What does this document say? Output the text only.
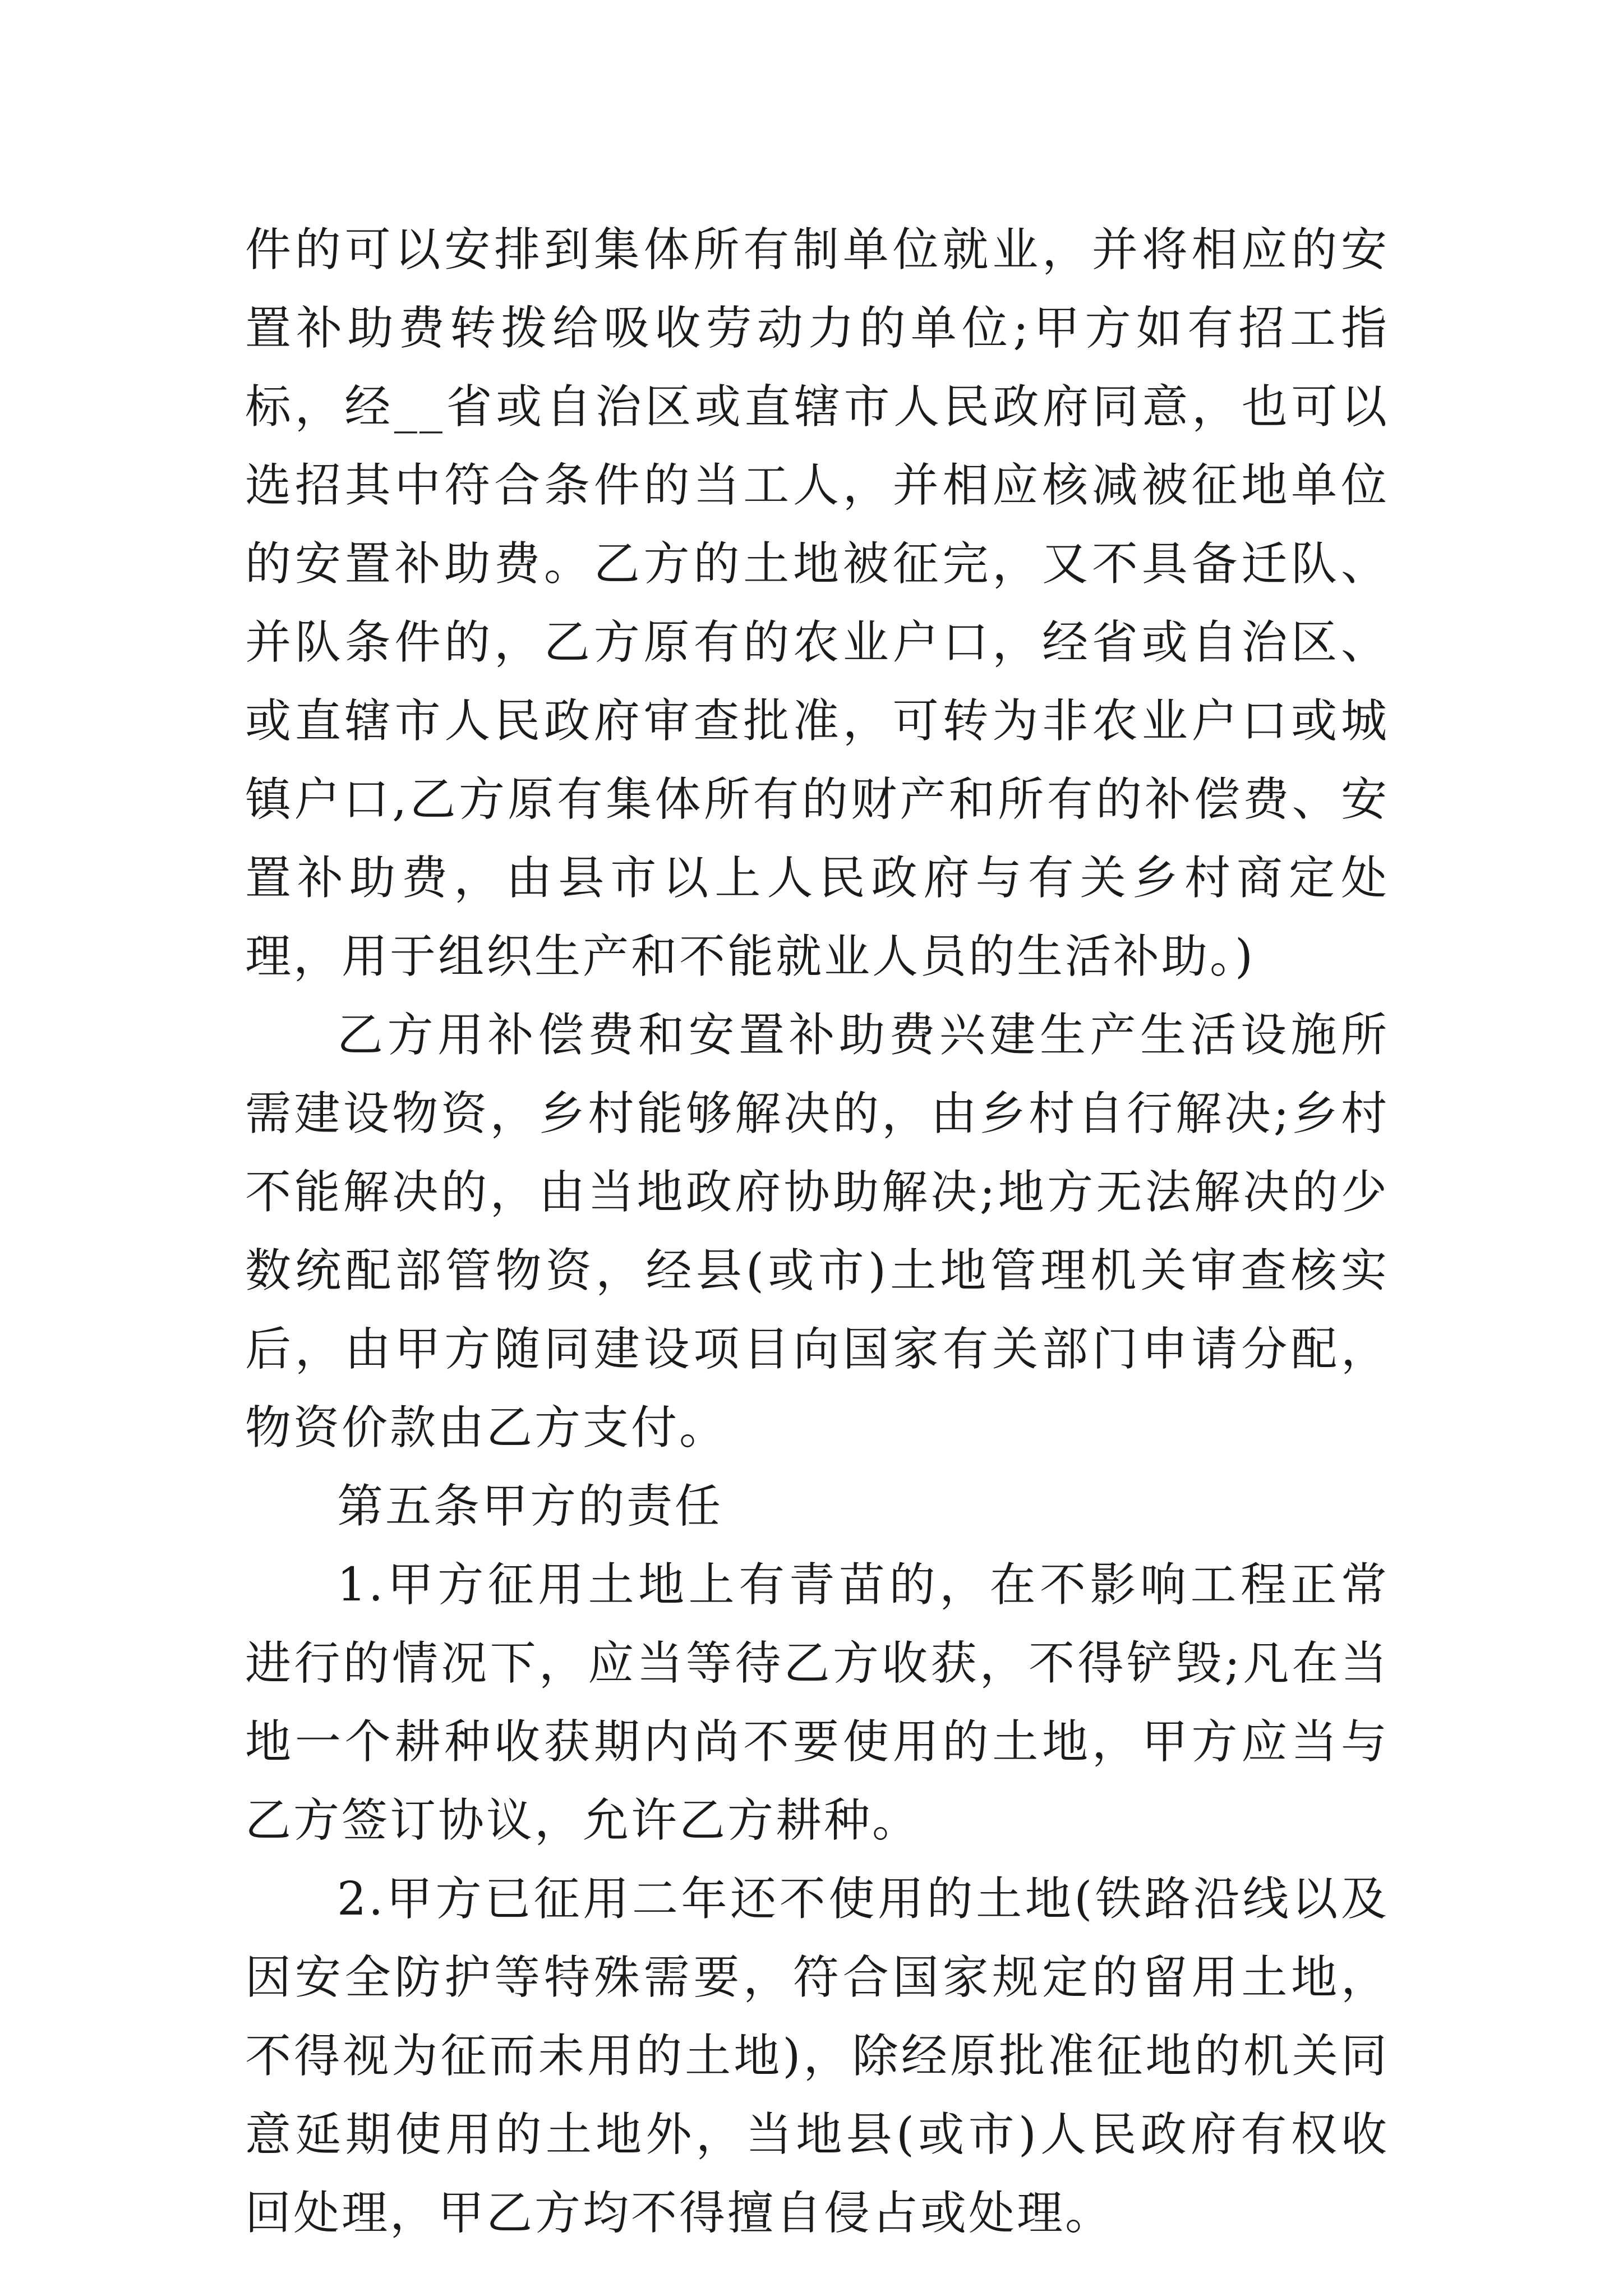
件的可以安排到集体所有制单位就业，并将相应的安置补助费转拨给吸收劳动力的单位;甲方如有招工指标，经__省或自治区或直辖市人民政府同意，也可以选招其中符合条件的当工人，并相应核减被征地单位的安置补助费。乙方的土地被征完，又不具备迁队、并队条件的，乙方原有的农业户口，经省或自治区、或直辖市人民政府审查批准，可转为非农业户口或城镇户口,乙方原有集体所有的财产和所有的补偿费、安置补助费，由县市以上人民政府与有关乡村商定处理，用于组织生产和不能就业人员的生活补助。)

乙方用补偿费和安置补助费兴建生产生活设施所需建设物资，乡村能够解决的，由乡村自行解决;乡村不能解决的，由当地政府协助解决;地方无法解决的少数统配部管物资，经县(或市)土地管理机关审查核实后，由甲方随同建设项目向国家有关部门申请分配，物资价款由乙方支付。

第五条甲方的责任

1.甲方征用土地上有青苗的，在不影响工程正常进行的情况下，应当等待乙方收获，不得铲毁;凡在当地一个耕种收获期内尚不要使用的土地，甲方应当与乙方签订协议，允许乙方耕种。

2.甲方已征用二年还不使用的土地(铁路沿线以及因安全防护等特殊需要，符合国家规定的留用土地，不得视为征而未用的土地)，除经原批准征地的机关同意延期使用的土地外，当地县(或市)人民政府有权收回处理，甲乙方均不得擅自侵占或处理。
